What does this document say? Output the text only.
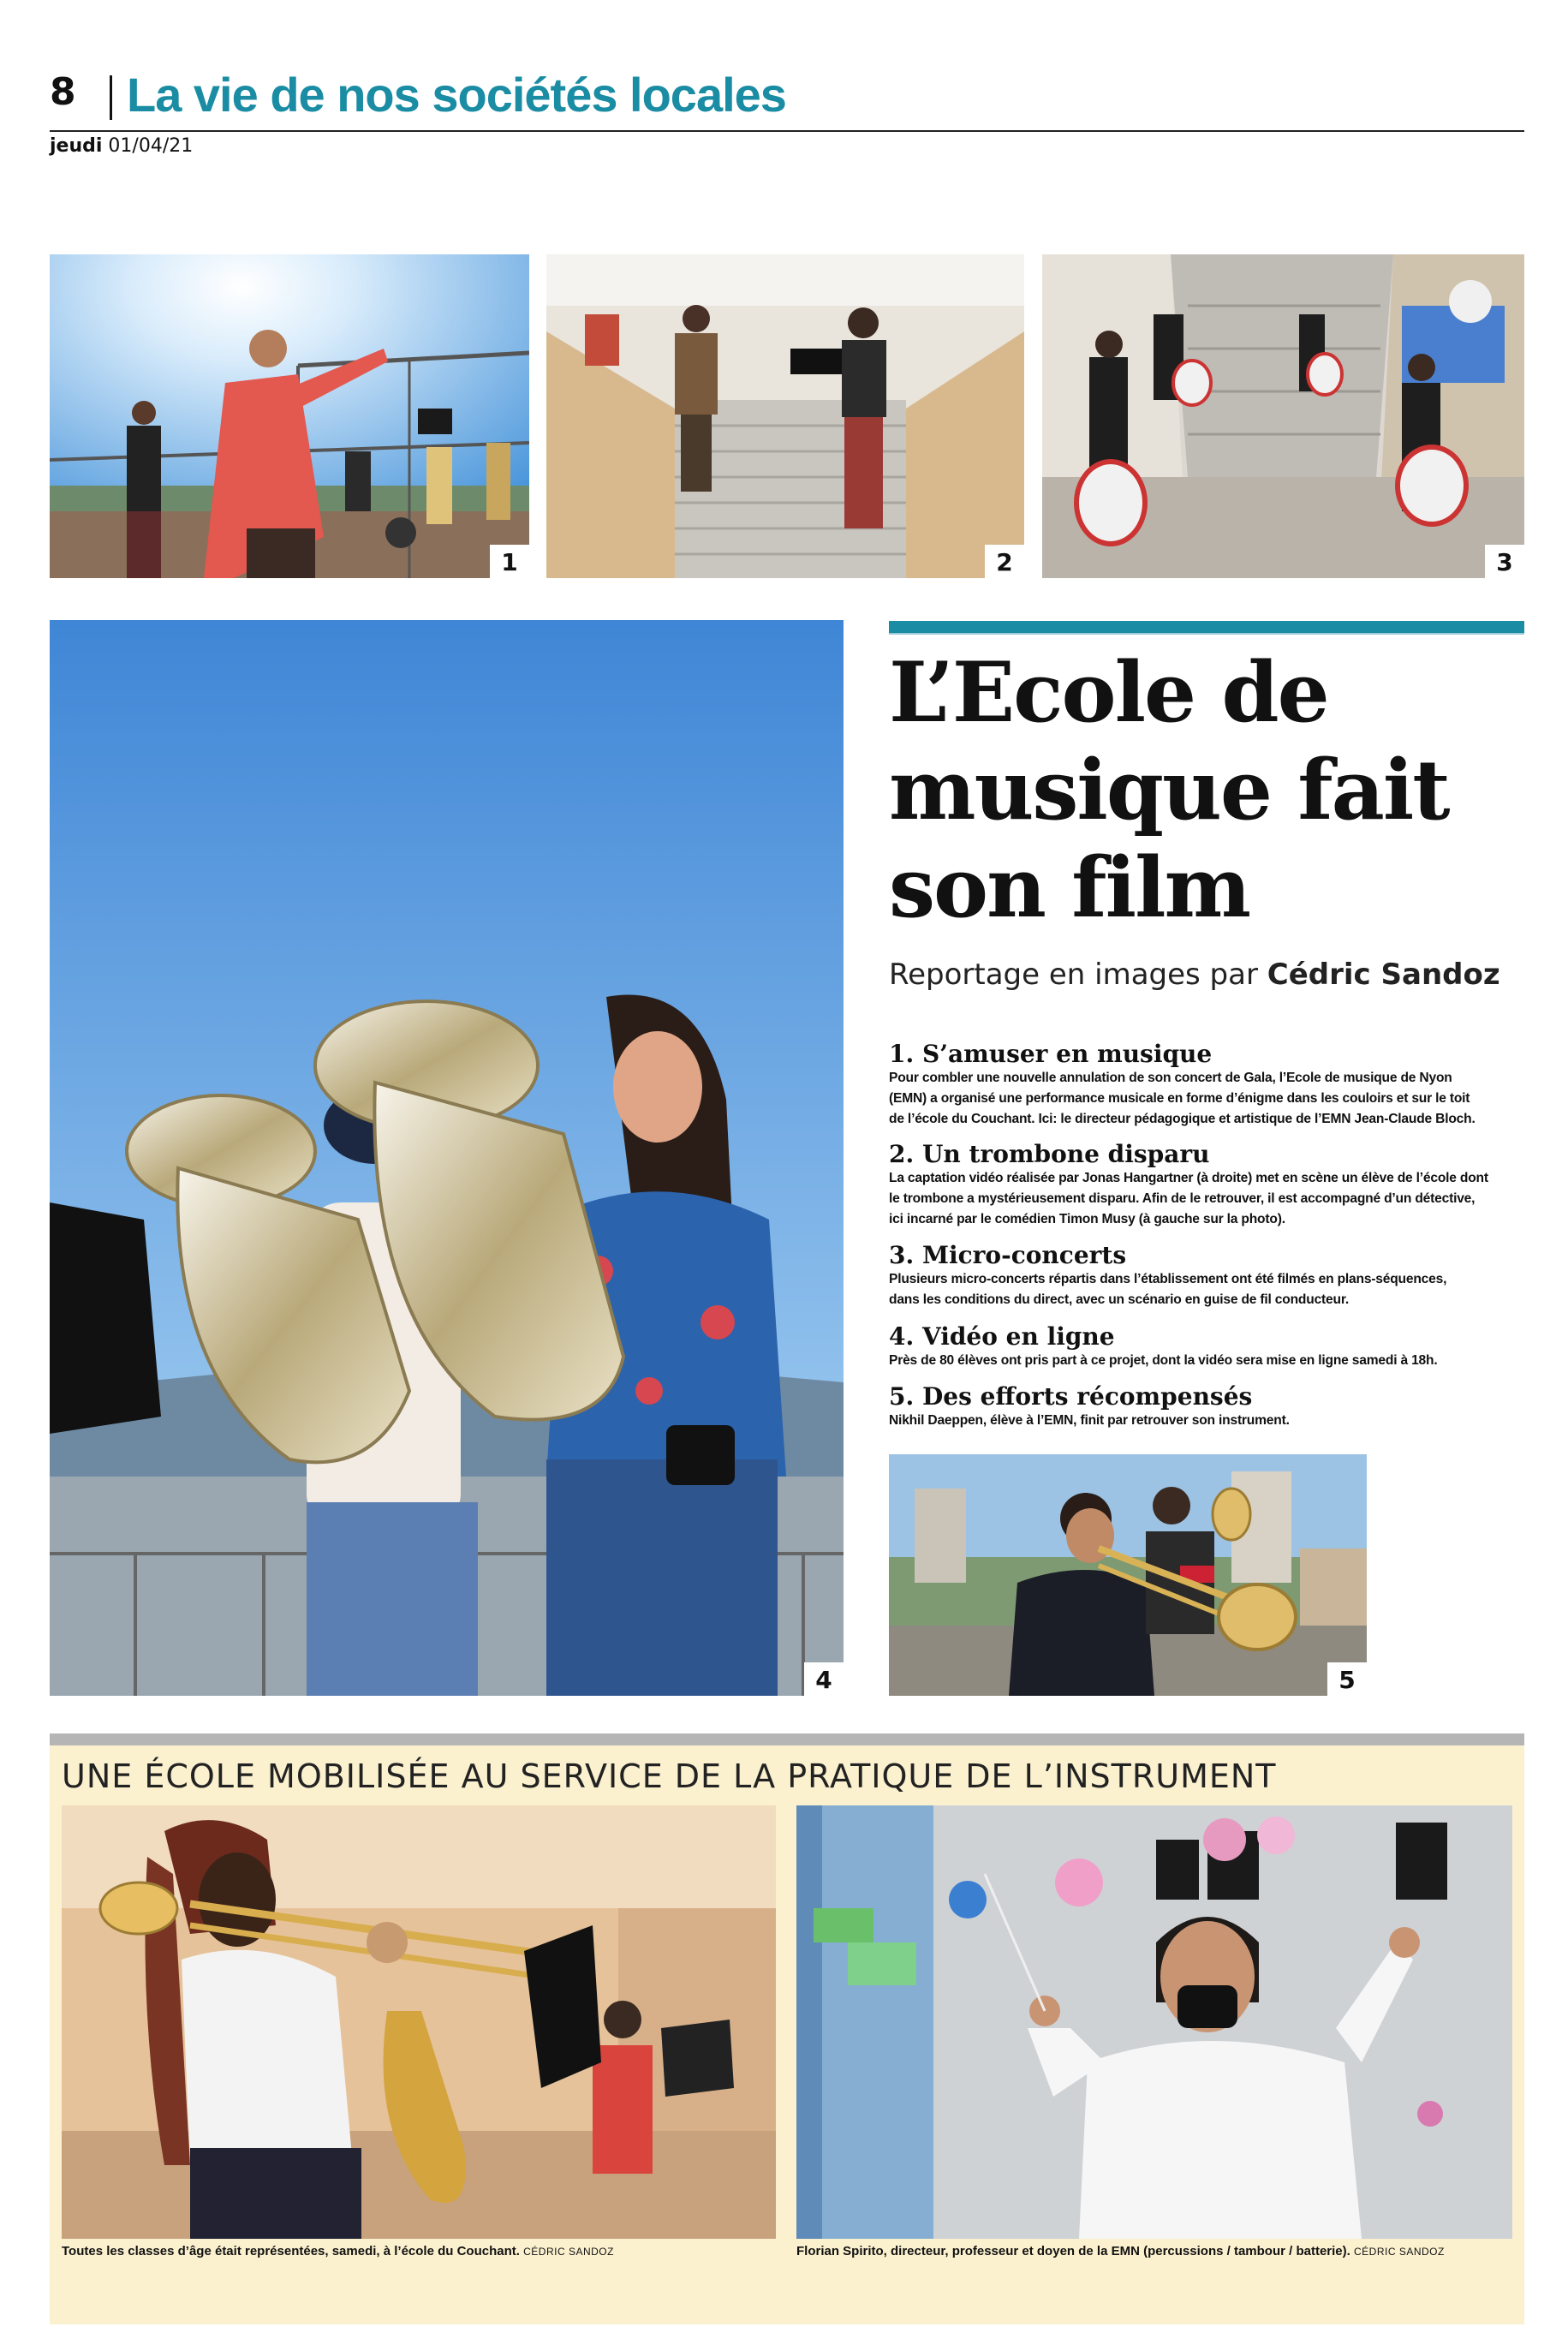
8 La vie de nos sociétés locales
jeudi 01/04/21
1	2	3
4
L’Ecole de
musique fait
son film
Reportage en images par Cédric Sandoz
1. S’amuser en musique
Pour combler une nouvelle annulation de son concert de Gala, l’Ecole de musique de Nyon
(EMN) a organisé une performance musicale en forme d’énigme dans les couloirs et sur le toit
de l’école du Couchant. Ici: le directeur pédagogique et artistique de l’EMN Jean-Claude Bloch.
2. Un trombone disparu
La captation vidéo réalisée par Jonas Hangartner (à droite) met en scène un élève de l’école dont
le trombone a mystérieusement disparu. Afin de le retrouver, il est accompagné d’un détective,
ici incarné par le comédien Timon Musy (à gauche sur la photo).
3. Micro-concerts
Plusieurs micro-concerts répartis dans l’établissement ont été filmés en plans-séquences,
dans les conditions du direct, avec un scénario en guise de fil conducteur.
4. Vidéo en ligne
Près de 80 élèves ont pris part à ce projet, dont la vidéo sera mise en ligne samedi à 18h.
5. Des efforts récompensés
Nikhil Daeppen, élève à l’EMN, finit par retrouver son instrument.
5
UNE ÉCOLE MOBILISÉE AU SERVICE DE LA PRATIQUE DE L’INSTRUMENT
Toutes les classes d’âge était représentées, samedi, à l’école du Couchant. CÉDRIC SANDOZ	Florian Spirito, directeur, professeur et doyen de la EMN (percussions / tambour / batterie). CÉDRIC SANDOZ
